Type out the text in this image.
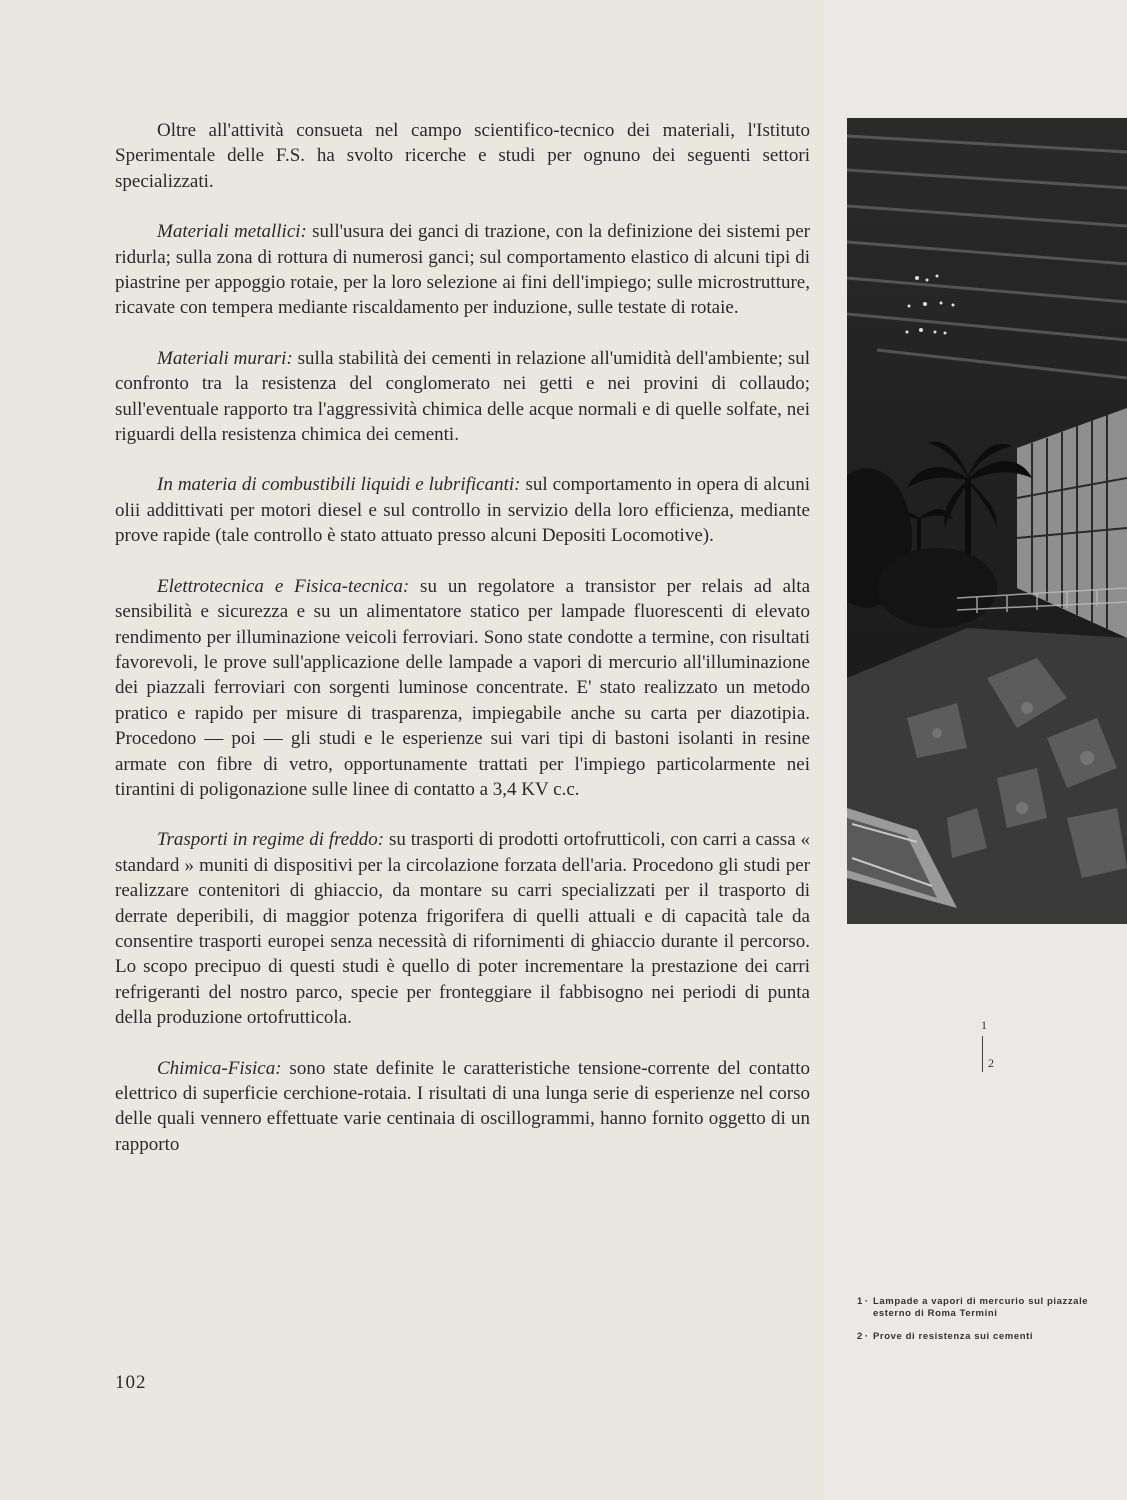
Oltre all'attività consueta nel campo scientifico-tecnico dei materiali, l'Istituto Sperimentale delle F.S. ha svolto ricerche e studi per ognuno dei seguenti settori specializzati.

Materiali metallici: sull'usura dei ganci di trazione, con la definizione dei sistemi per ridurla; sulla zona di rottura di numerosi ganci; sul comportamento elastico di alcuni tipi di piastrine per appoggio rotaie, per la loro selezione ai fini dell'impiego; sulle microstrutture, ricavate con tempera mediante riscaldamento per induzione, sulle testate di rotaie.

Materiali murari: sulla stabilità dei cementi in relazione all'umidità dell'ambiente; sul confronto tra la resistenza del conglomerato nei getti e nei provini di collaudo; sull'eventuale rapporto tra l'aggressività chimica delle acque normali e di quelle solfate, nei riguardi della resistenza chimica dei cementi.

In materia di combustibili liquidi e lubrificanti: sul comportamento in opera di alcuni olii addittivati per motori diesel e sul controllo in servizio della loro efficienza, mediante prove rapide (tale controllo è stato attuato presso alcuni Depositi Locomotive).

Elettrotecnica e Fisica-tecnica: su un regolatore a transistor per relais ad alta sensibilità e sicurezza e su un alimentatore statico per lampade fluorescenti di elevato rendimento per illuminazione veicoli ferroviari. Sono state condotte a termine, con risultati favorevoli, le prove sull'applicazione delle lampade a vapori di mercurio all'illuminazione dei piazzali ferroviari con sorgenti luminose concentrate. E' stato realizzato un metodo pratico e rapido per misure di trasparenza, impiegabile anche su carta per diazotipia. Procedono — poi — gli studi e le esperienze sui vari tipi di bastoni isolanti in resine armate con fibre di vetro, opportunamente trattati per l'impiego particolarmente nei tirantini di poligonazione sulle linee di contatto a 3,4 KV c.c.

Trasporti in regime di freddo: su trasporti di prodotti ortofrutticoli, con carri a cassa « standard » muniti di dispositivi per la circolazione forzata dell'aria. Procedono gli studi per realizzare contenitori di ghiaccio, da montare su carri specializzati per il trasporto di derrate deperibili, di maggior potenza frigorifera di quelli attuali e di capacità tale da consentire trasporti europei senza necessità di rifornimenti di ghiaccio durante il percorso. Lo scopo precipuo di questi studi è quello di poter incrementare la prestazione dei carri refrigeranti del nostro parco, specie per fronteggiare il fabbisogno nei periodi di punta della produzione ortofrutticola.

Chimica-Fisica: sono state definite le caratteristiche tensione-corrente del contatto elettrico di superficie cerchione-rotaia. I risultati di una lunga serie di esperienze nel corso delle quali vennero effettuate varie centinaia di oscillogrammi, hanno fornito oggetto di un rapporto

102
1
2
1 · Lampade a vapori di mercurio sul piazzale esterno di Roma Termini
2 · Prove di resistenza sui cementi
